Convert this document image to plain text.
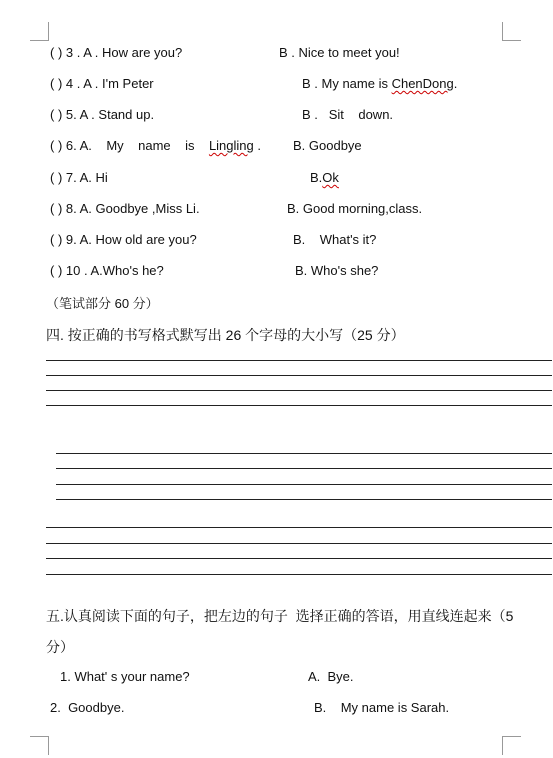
( ) 3 . A . How are you?	B . Nice to meet you!
( ) 4 . A . I'm Peter	B . My name is ChenDong.
( ) 5. A . Stand up.	B .   Sit    down.
( ) 6. A.    My    name    is    Lingling . B. Goodbye
( ) 7. A. Hi	B.Ok
( ) 8. A. Goodbye ,Miss Li.	B. Good morning,class.
( ) 9. A. How old are you?	B.    What's it?
( ) 10 . A.Who's he?	B. Who's she?
（笔试部分 60 分）
四. 按正确的书写格式默写出 26 个字母的大小写（25 分）
五.认真阅读下面的句子，把左边的句子  选择正确的答语，用直线连起来（5
分）
1. What' s your name?	A.  Bye.
2.  Goodbye.	B.    My name is Sarah.
